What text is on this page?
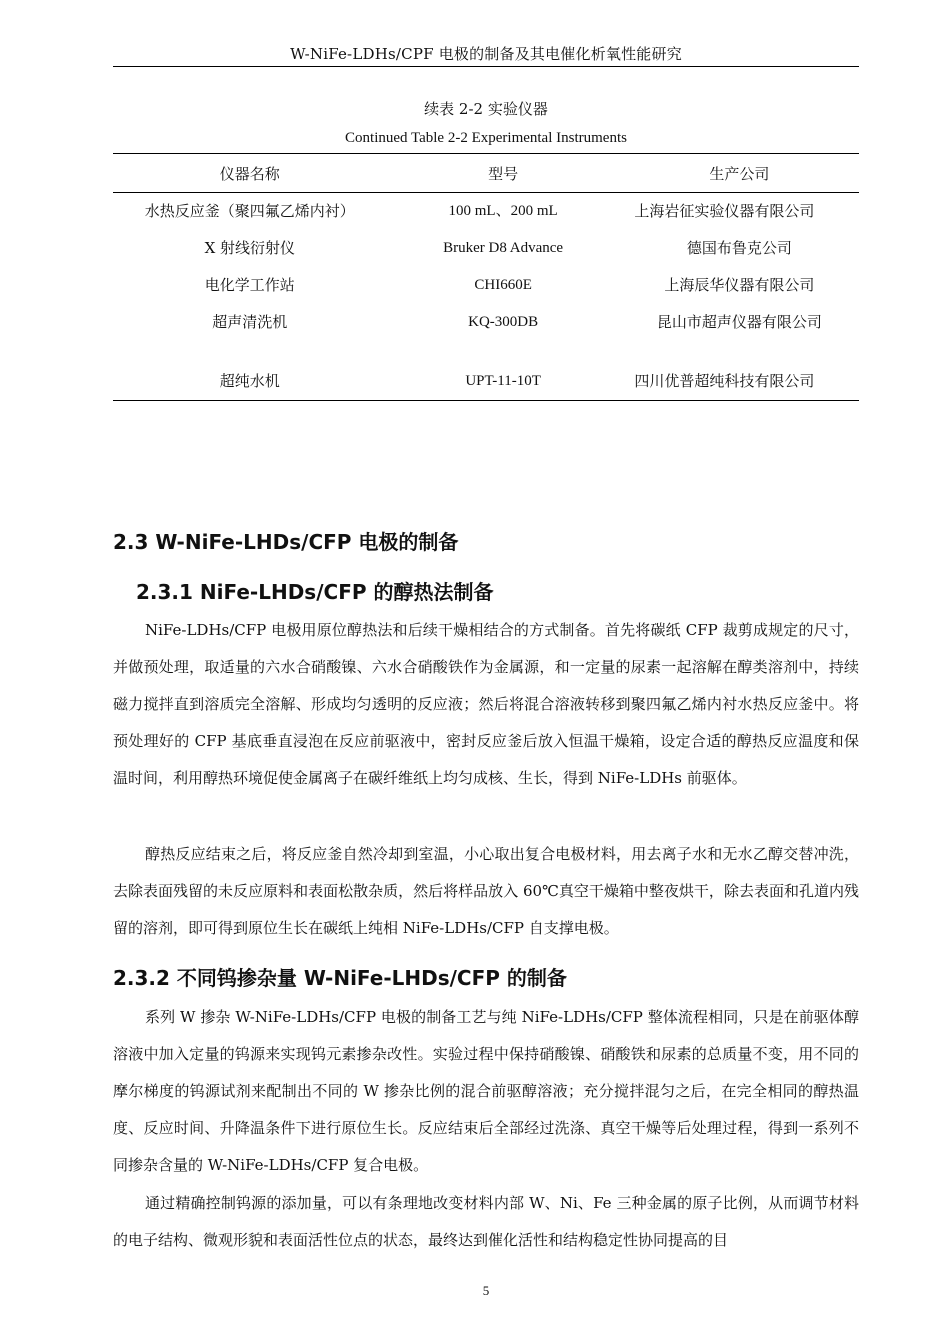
W-NiFe-LDHs/CPF 电极的制备及其电催化析氧性能研究
续表 2-2 实验仪器
Continued Table 2-2 Experimental Instruments
仪器名称	型号	生产公司
水热反应釜（聚四氟乙烯内衬）	100 mL、200 mL	上海岩征实验仪器有限公司
X 射线衍射仪	Bruker D8 Advance	德国布鲁克公司
电化学工作站	CHI660E	上海辰华仪器有限公司
超声清洗机	KQ-300DB	昆山市超声仪器有限公司
超纯水机	UPT-11-10T	四川优普超纯科技有限公司
2.3 W-NiFe-LHDs/CFP 电极的制备
2.3.1 NiFe-LHDs/CFP 的醇热法制备

NiFe-LDHs/CFP 电极用原位醇热法和后续干燥相结合的方式制备。首先将碳纸 CFP 裁剪成规定的尺寸，并做预处理，取适量的六水合硝酸镍、六水合硝酸铁作为金属源，和一定量的尿素一起溶解在醇类溶剂中，持续磁力搅拌直到溶质完全溶解、形成均匀透明的反应液；然后将混合溶液转移到聚四氟乙烯内衬水热反应釜中。将预处理好的 CFP 基底垂直浸泡在反应前驱液中，密封反应釜后放入恒温干燥箱，设定合适的醇热反应温度和保温时间，利用醇热环境促使金属离子在碳纤维纸上均匀成核、生长，得到 NiFe-LDHs 前驱体。

醇热反应结束之后，将反应釜自然冷却到室温，小心取出复合电极材料，用去离子水和无水乙醇交替冲洗，去除表面残留的未反应原料和表面松散杂质，然后将样品放入 60℃真空干燥箱中整夜烘干，除去表面和孔道内残留的溶剂，即可得到原位生长在碳纸上纯相 NiFe-LDHs/CFP 自支撑电极。

2.3.2 不同钨掺杂量 W-NiFe-LHDs/CFP 的制备

系列 W 掺杂 W-NiFe-LDHs/CFP 电极的制备工艺与纯 NiFe-LDHs/CFP 整体流程相同，只是在前驱体醇溶液中加入定量的钨源来实现钨元素掺杂改性。实验过程中保持硝酸镍、硝酸铁和尿素的总质量不变，用不同的摩尔梯度的钨源试剂来配制出不同的 W 掺杂比例的混合前驱醇溶液；充分搅拌混匀之后，在完全相同的醇热温度、反应时间、升降温条件下进行原位生长。反应结束后全部经过洗涤、真空干燥等后处理过程，得到一系列不同掺杂含量的 W-NiFe-LDHs/CFP 复合电极。

通过精确控制钨源的添加量，可以有条理地改变材料内部 W、Ni、Fe 三种金属的原子比例，从而调节材料的电子结构、微观形貌和表面活性位点的状态，最终达到催化活性和结构稳定性协同提高的目

5
